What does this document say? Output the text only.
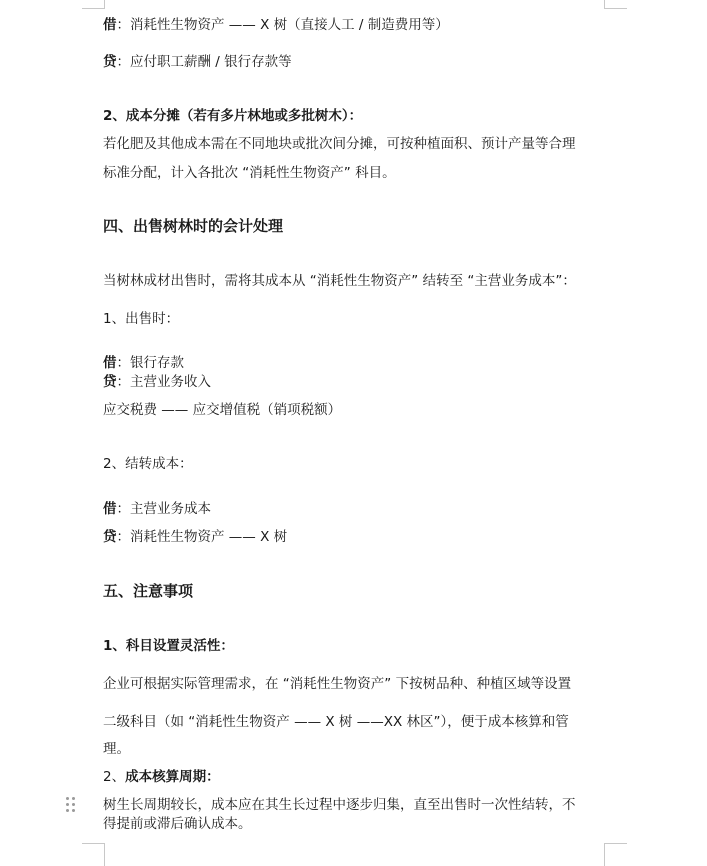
借：消耗性生物资产 —— X 树（直接人工 / 制造费用等）
贷：应付职工薪酬 / 银行存款等
2、成本分摊（若有多片林地或多批树木）：
若化肥及其他成本需在不同地块或批次间分摊，可按种植面积、预计产量等合理
标准分配，计入各批次 “消耗性生物资产” 科目。
四、出售树林时的会计处理
当树林成材出售时，需将其成本从 “消耗性生物资产” 结转至 “主营业务成本”：
1、出售时：
借：银行存款
贷：主营业务收入
应交税费 —— 应交增值税（销项税额）
2、结转成本：
借：主营业务成本
贷：消耗性生物资产 —— X 树
五、注意事项
1、科目设置灵活性：
企业可根据实际管理需求，在 “消耗性生物资产” 下按树品种、种植区域等设置
二级科目（如 “消耗性生物资产 —— X 树 ——XX 林区”），便于成本核算和管
理。
2、成本核算周期：
树生长周期较长，成本应在其生长过程中逐步归集，直至出售时一次性结转，不
得提前或滞后确认成本。
